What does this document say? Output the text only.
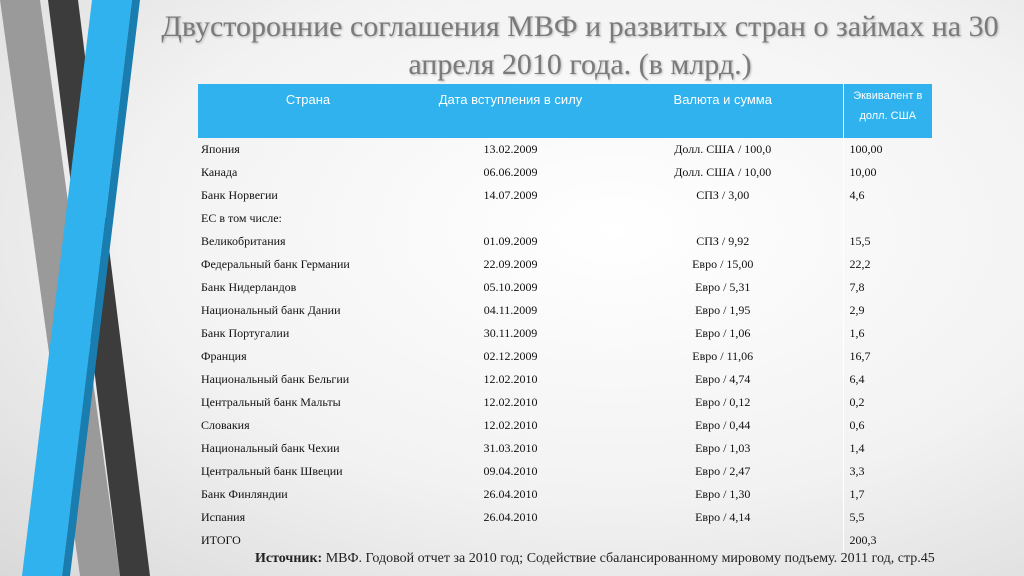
Двусторонние соглашения МВФ и развитых стран о займах на 30
апреля 2010 года. (в млрд.)
Страна	Дата вступления в силу	Валюта и сумма	Эквивалент в
долл. США
Япония	13.02.2009	Долл. США / 100,0	100,00
Канада	06.06.2009	Долл. США / 10,00	10,00
Банк Норвегии	14.07.2009	СПЗ / 3,00	4,6
ЕС в том числе:			
Великобритания	01.09.2009	СПЗ / 9,92	15,5
Федеральный банк Германии	22.09.2009	Евро / 15,00	22,2
Банк Нидерландов	05.10.2009	Евро / 5,31	7,8
Национальный банк Дании	04.11.2009	Евро / 1,95	2,9
Банк Португалии	30.11.2009	Евро / 1,06	1,6
Франция	02.12.2009	Евро / 11,06	16,7
Национальный банк Бельгии	12.02.2010	Евро / 4,74	6,4
Центральный банк Мальты	12.02.2010	Евро / 0,12	0,2
Словакия	12.02.2010	Евро / 0,44	0,6
Национальный банк Чехии	31.03.2010	Евро / 1,03	1,4
Центральный банк Швеции	09.04.2010	Евро / 2,47	3,3
Банк Финляндии	26.04.2010	Евро / 1,30	1,7
Испания	26.04.2010	Евро / 4,14	5,5
ИТОГО			200,3
Источник: МВФ. Годовой отчет за 2010 год; Содействие сбалансированному мировому подъему. 2011 год, стр.45
